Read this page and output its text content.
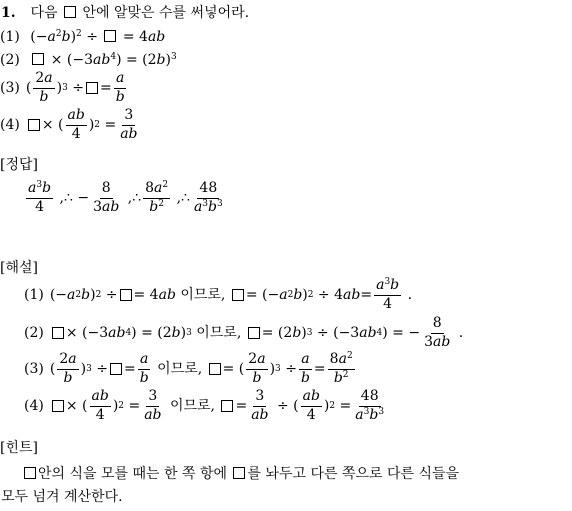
1. 다음 안에 알맞은 수를 써넣어라.
(1) $(-a^2b)^2$ ÷  = 4ab
$(2) \times (-3ab^4) = (2b)^3$
(3) ( $\frac{2a}{b}$ ) 3 ÷
= $\frac{a}{b}$
(4)	× ( $\frac{ab}{4}$ ) $2 = \frac{3}{ab}$
[정답]
$\frac{a^3b}{4}$ ,∴ − $\frac{8}{3ab}$ ,∴ $\frac{8a^2}{b^2}$ ,∴ $\frac{48}{a^3b^3}$
[해설]
(1) (− a 2 b ) 2 ÷
= 4 ab
이므로,
= (− a 2 b ) 2 ÷ 4 ab = $\frac{a^3b}{4}$ .
(2)	× (−3 ab 4 ) = (2 b ) 3
이므로,
= (2 b ) 3 ÷ (−3 ab 4 ) = − $\frac{8}{3ab}$ .
(3) ( $\frac{2a}{b}$ ) 3 ÷
= $\frac{a}{b}$
이므로,
= ( $\frac{2a}{b}$ ) $3 \div \frac{a}{b} = \frac{8a^2}{b^2}$
(4)	× ( $\frac{ab}{4}$ ) $2 = \frac{3}{ab}$
이므로,
= $\frac{3}{ab}$ ÷ ( $\frac{ab}{4}$ ) $2 = \frac{48}{a^3b^3}$
[힌트]
안의 식을 모를 때는 한 쪽 항에 를 놔두고 다른 쪽으로 다른 식들을
모두 넘겨 계산한다.
